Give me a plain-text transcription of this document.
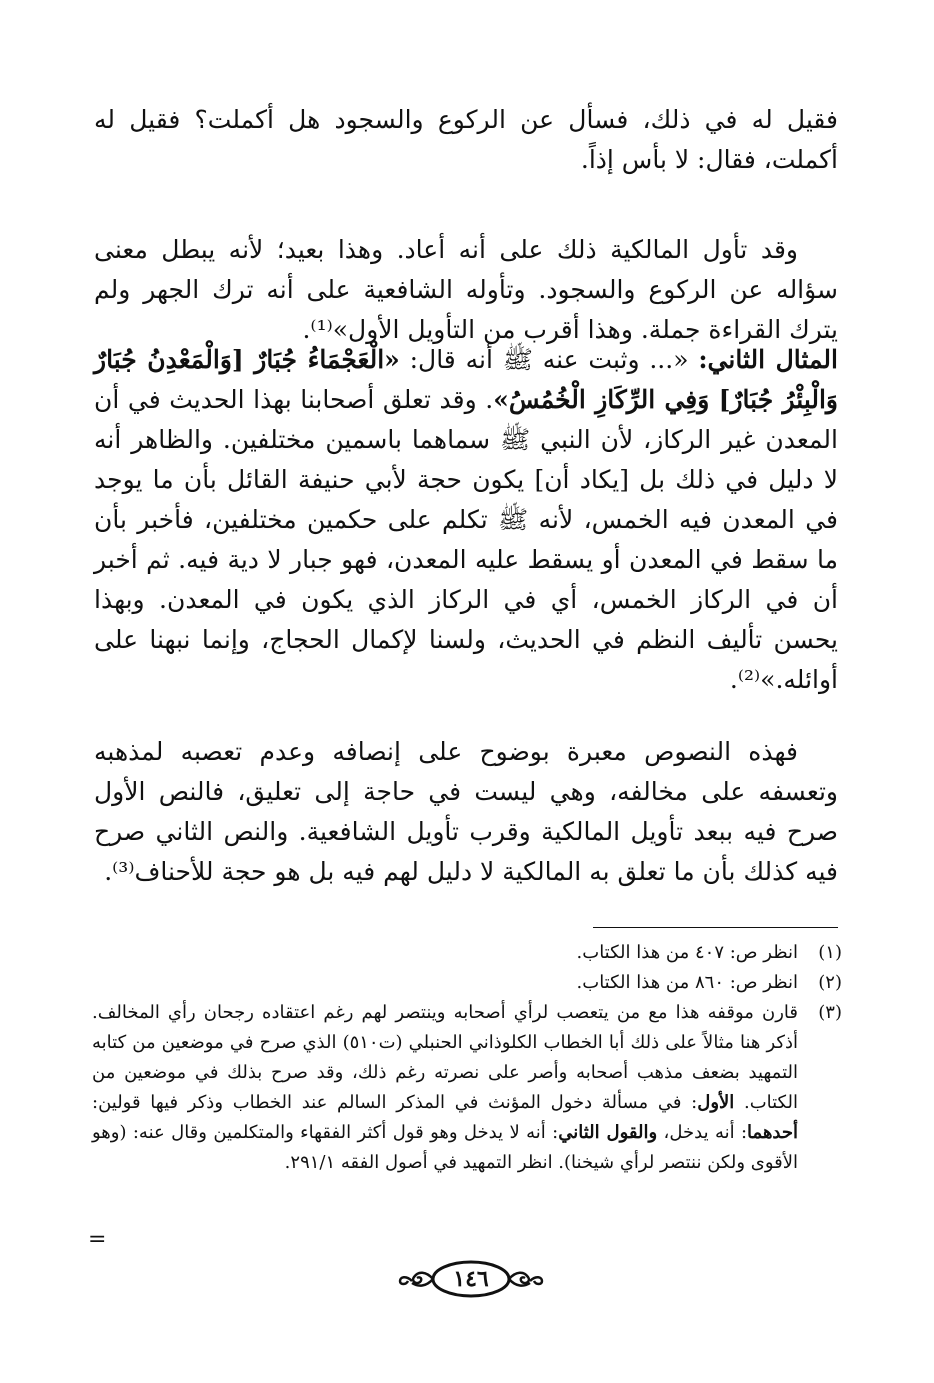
فقيل له في ذلك، فسأل عن الركوع والسجود هل أكملت؟ فقيل له أكملت، فقال: لا بأس إذاً.
وقد تأول المالكية ذلك على أنه أعاد. وهذا بعيد؛ لأنه يبطل معنى سؤاله عن الركوع والسجود. وتأوله الشافعية على أنه ترك الجهر ولم يترك القراءة جملة. وهذا أقرب من التأويل الأول»⁽¹⁾.
المثال الثاني: «... وثبت عنه ﷺ أنه قال: «الْعَجْمَاءُ جُبَارٌ [وَالْمَعْدِنُ جُبَارٌ وَالْبِئْرُ جُبَارٌ] وَفِي الرِّكَازِ الْخُمُسُ». وقد تعلق أصحابنا بهذا الحديث في أن المعدن غير الركاز، لأن النبي ﷺ سماهما باسمين مختلفين. والظاهر أنه لا دليل في ذلك بل [يكاد أن] يكون حجة لأبي حنيفة القائل بأن ما يوجد في المعدن فيه الخمس، لأنه ﷺ تكلم على حكمين مختلفين، فأخبر بأن ما سقط في المعدن أو يسقط عليه المعدن، فهو جبار لا دية فيه. ثم أخبر أن في الركاز الخمس، أي في الركاز الذي يكون في المعدن. وبهذا يحسن تأليف النظم في الحديث، ولسنا لإكمال الحجاج، وإنما نبهنا على أوائله.»⁽²⁾.
فهذه النصوص معبرة بوضوح على إنصافه وعدم تعصبه لمذهبه وتعسفه على مخالفه، وهي ليست في حاجة إلى تعليق، فالنص الأول صرح فيه ببعد تأويل المالكية وقرب تأويل الشافعية. والنص الثاني صرح فيه كذلك بأن ما تعلق به المالكية لا دليل لهم فيه بل هو حجة للأحناف⁽³⁾.
(١)
انظر ص: ٤٠٧ من هذا الكتاب.
(٢)
انظر ص: ٨٦٠ من هذا الكتاب.
(٣)
قارن موقفه هذا مع من يتعصب لرأي أصحابه وينتصر لهم رغم اعتقاده رجحان رأي المخالف. أذكر هنا مثالاً على ذلك أبا الخطاب الكلوذاني الحنبلي (ت٥١٠) الذي صرح في موضعين من كتابه التمهيد بضعف مذهب أصحابه وأصر على نصرته رغم ذلك، وقد صرح بذلك في موضعين من الكتاب. الأول: في مسألة دخول المؤنث في المذكر السالم عند الخطاب وذكر فيها قولين: أحدهما: أنه يدخل، والقول الثاني: أنه لا يدخل وهو قول أكثر الفقهاء والمتكلمين وقال عنه: (وهو الأقوى ولكن ننتصر لرأي شيخنا). انظر التمهيد في أصول الفقه ٢٩١/١.
=
١٤٦
